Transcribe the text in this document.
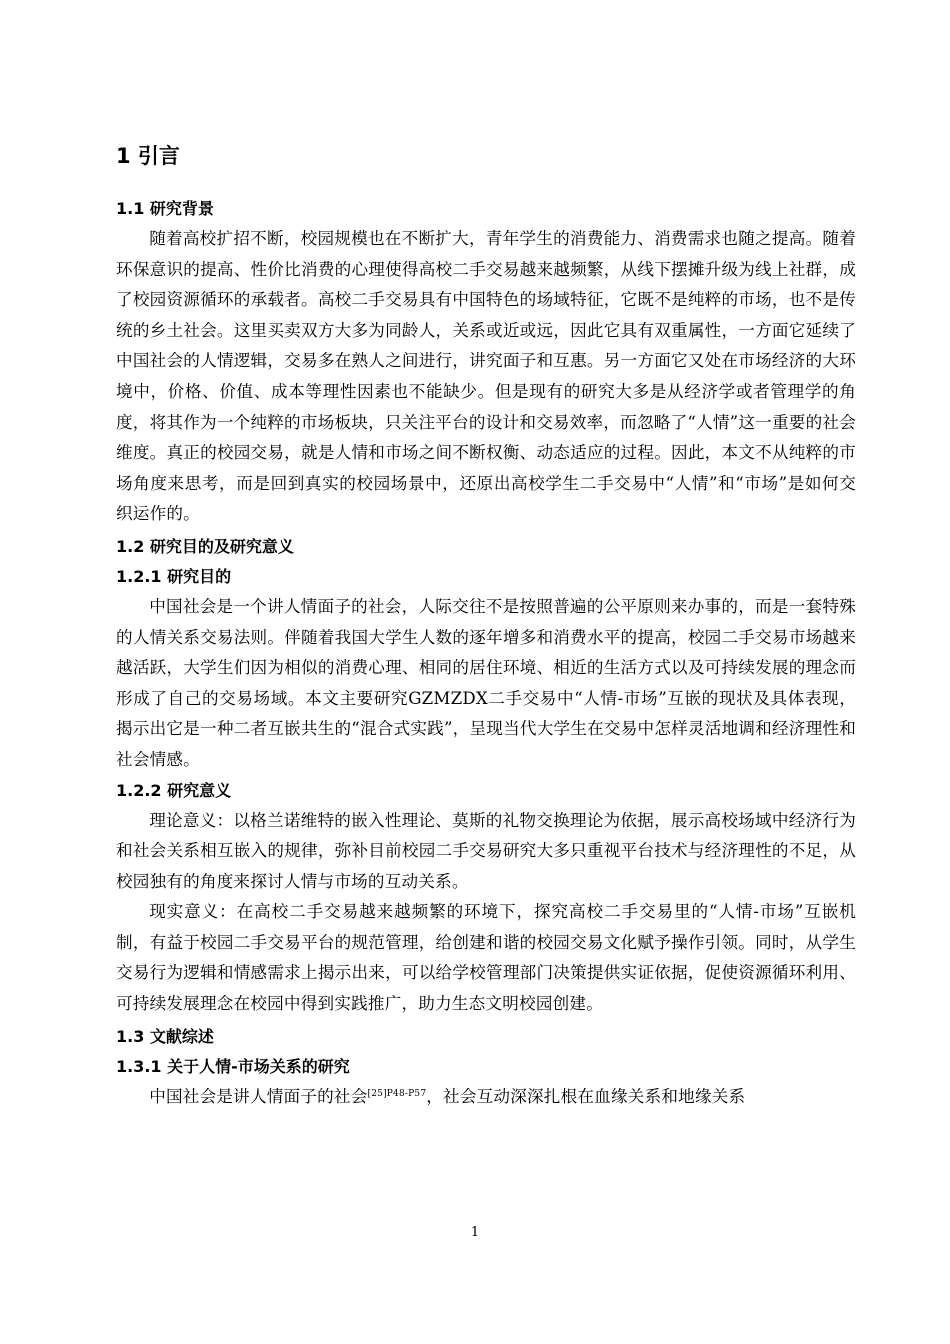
1 引言
1.1 研究背景

随着高校扩招不断，校园规模也在不断扩大，青年学生的消费能力、消费需求也随之提高。随着环保意识的提高、性价比消费的心理使得高校二手交易越来越频繁，从线下摆摊升级为线上社群，成了校园资源循环的承载者。高校二手交易具有中国特色的场域特征，它既不是纯粹的市场，也不是传统的乡土社会。这里买卖双方大多为同龄人，关系或近或远，因此它具有双重属性，一方面它延续了中国社会的人情逻辑，交易多在熟人之间进行，讲究面子和互惠。另一方面它又处在市场经济的大环境中，价格、价值、成本等理性因素也不能缺少。但是现有的研究大多是从经济学或者管理学的角度，将其作为一个纯粹的市场板块，只关注平台的设计和交易效率，而忽略了“人情”这一重要的社会维度。真正的校园交易，就是人情和市场之间不断权衡、动态适应的过程。因此，本文不从纯粹的市场角度来思考，而是回到真实的校园场景中，还原出高校学生二手交易中“人情”和“市场”是如何交织运作的。

1.2 研究目的及研究意义
1.2.1 研究目的

中国社会是一个讲人情面子的社会，人际交往不是按照普遍的公平原则来办事的，而是一套特殊的人情关系交易法则。伴随着我国大学生人数的逐年增多和消费水平的提高，校园二手交易市场越来越活跃，大学生们因为相似的消费心理、相同的居住环境、相近的生活方式以及可持续发展的理念而形成了自己的交易场域。本文主要研究GZMZDX二手交易中“人情-市场”互嵌的现状及具体表现，揭示出它是一种二者互嵌共生的“混合式实践”，呈现当代大学生在交易中怎样灵活地调和经济理性和社会情感。

1.2.2 研究意义

理论意义：以格兰诺维特的嵌入性理论、莫斯的礼物交换理论为依据，展示高校场域中经济行为和社会关系相互嵌入的规律，弥补目前校园二手交易研究大多只重视平台技术与经济理性的不足，从校园独有的角度来探讨人情与市场的互动关系。

现实意义：在高校二手交易越来越频繁的环境下，探究高校二手交易里的“人情-市场”互嵌机制，有益于校园二手交易平台的规范管理，给创建和谐的校园交易文化赋予操作引领。同时，从学生交易行为逻辑和情感需求上揭示出来，可以给学校管理部门决策提供实证依据，促使资源循环利用、可持续发展理念在校园中得到实践推广，助力生态文明校园创建。

1.3 文献综述
1.3.1 关于人情-市场关系的研究

中国社会是讲人情面子的社会$^{[25]P48-P57}$，社会互动深深扎根在血缘关系和地缘关系

1
